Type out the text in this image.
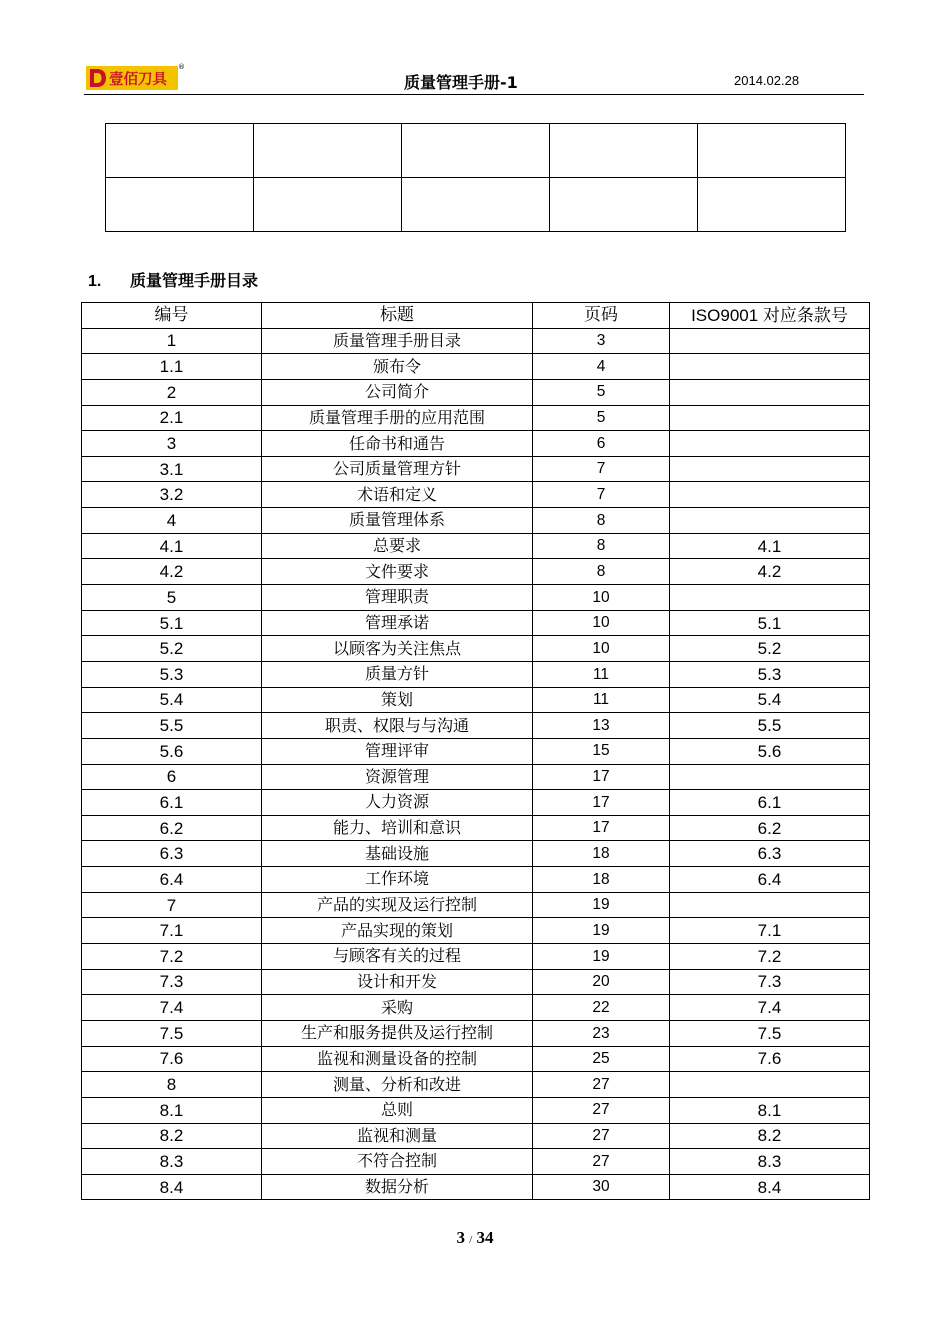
壹佰刀具
®
质量管理手册-1	2014.02.28

1. 质量管理手册目录
编号	标题	页码	ISO9001 对应条款号
1	质量管理手册目录	3	
1.1	颁布令	4	
2	公司简介	5	
2.1	质量管理手册的应用范围	5	
3	任命书和通告	6	
3.1	公司质量管理方针	7	
3.2	术语和定义	7	
4	质量管理体系	8	
4.1	总要求	8	4.1
4.2	文件要求	8	4.2
5	管理职责	10	
5.1	管理承诺	10	5.1
5.2	以顾客为关注焦点	10	5.2
5.3	质量方针	11	5.3
5.4	策划	11	5.4
5.5	职责、权限与与沟通	13	5.5
5.6	管理评审	15	5.6
6	资源管理	17	
6.1	人力资源	17	6.1
6.2	能力、培训和意识	17	6.2
6.3	基础设施	18	6.3
6.4	工作环境	18	6.4
7	产品的实现及运行控制	19	
7.1	产品实现的策划	19	7.1
7.2	与顾客有关的过程	19	7.2
7.3	设计和开发	20	7.3
7.4	采购	22	7.4
7.5	生产和服务提供及运行控制	23	7.5
7.6	监视和测量设备的控制	25	7.6
8	测量、分析和改进	27	
8.1	总则	27	8.1
8.2	监视和测量	27	8.2
8.3	不符合控制	27	8.3
8.4	数据分析	30	8.4
3 / 34
